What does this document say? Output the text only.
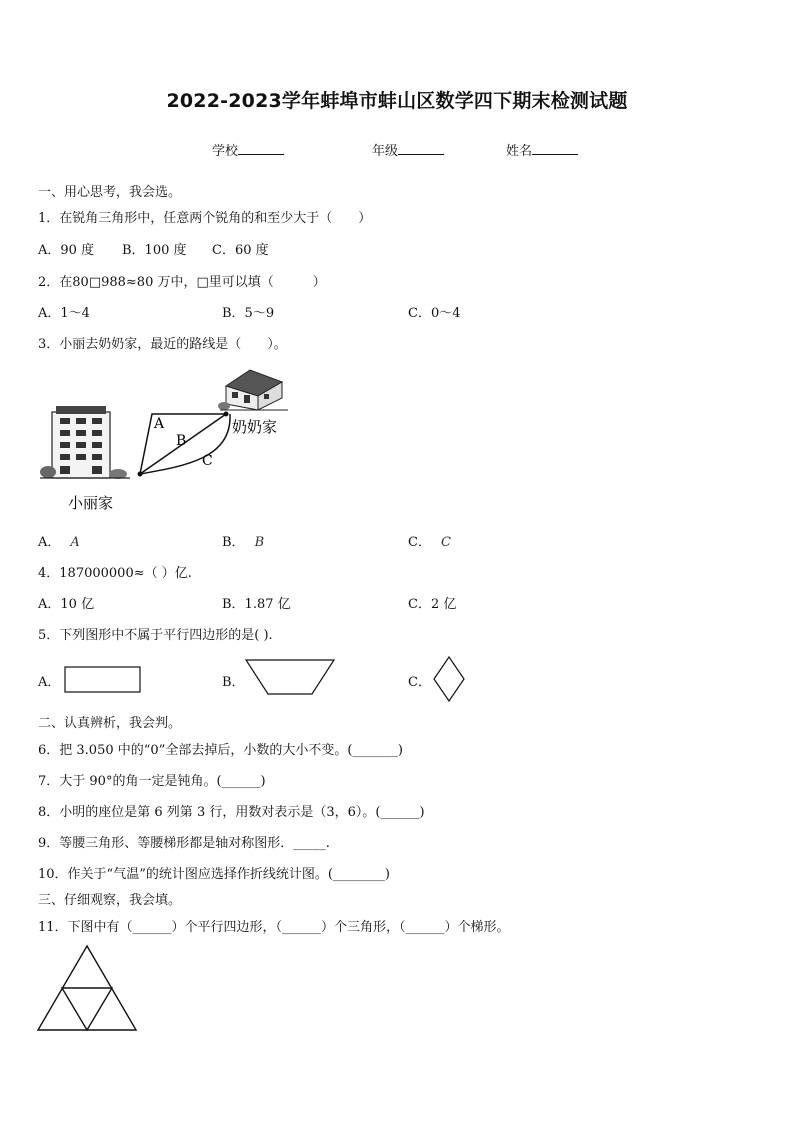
2022-2023学年蚌埠市蚌山区数学四下期末检测试题
学校	年级	姓名
一、用心思考，我会选。
1．在锐角三角形中，任意两个锐角的和至少大于（　　）
A．90 度 B．100 度 C．60 度
2．在80□988≈80 万中，□里可以填（　　　）
A．1～4	B．5～9	C．0～4
3．小丽去奶奶家，最近的路线是（　　）。
A
B
C
奶奶家
小丽家
A． A	B． B	C． C
4．187000000≈（ ）亿.
A．10 亿	B．1.87 亿	C．2 亿
5．下列图形中不属于平行四边形的是( ).
A．	B．	C．
二、认真辨析，我会判。
6．把 3.050 中的“0”全部去掉后，小数的大小不变。(_______)
7．大于 90°的角一定是钝角。(______)
8．小明的座位是第 6 列第 3 行，用数对表示是（3，6）。(______)
9．等腰三角形、等腰梯形都是轴对称图形．_____.
10．作关于“气温”的统计图应选择作折线统计图。(________)
三、仔细观察，我会填。
11．下图中有（______）个平行四边形，（______）个三角形，（______）个梯形。
